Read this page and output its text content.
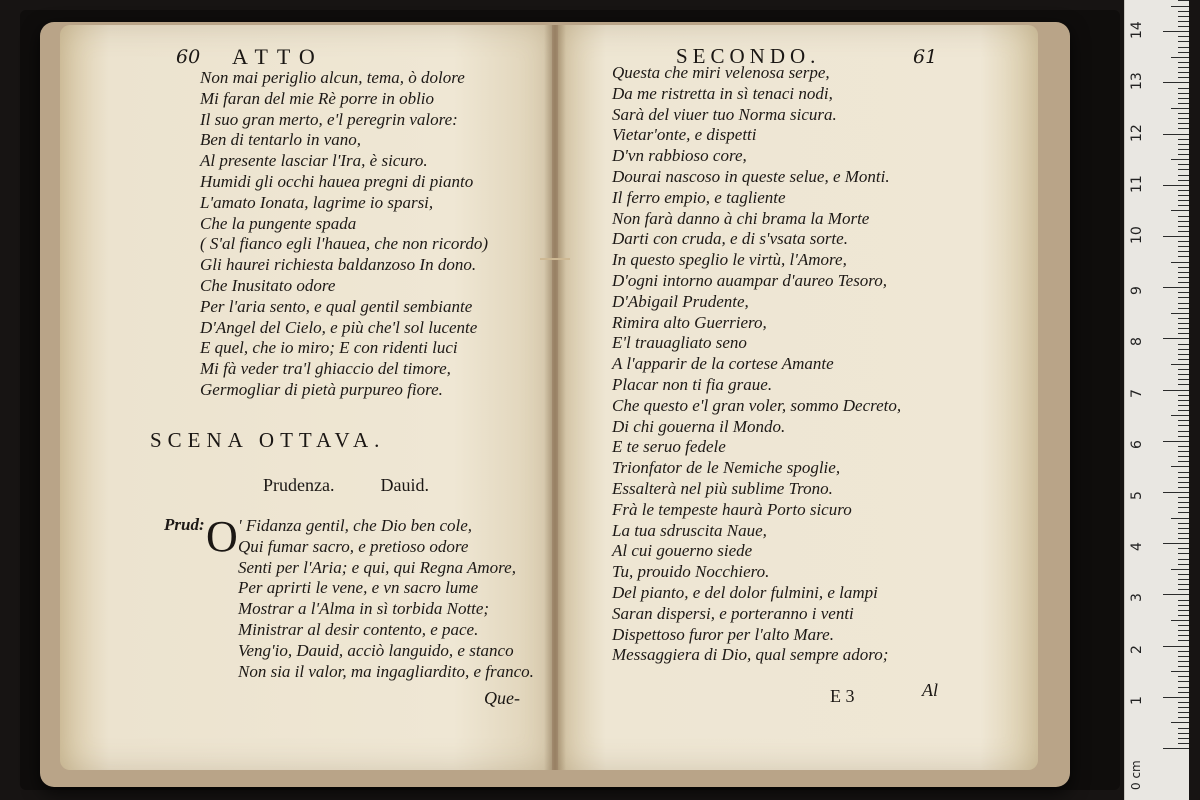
60 ATTO
Non mai periglio alcun, tema, ò dolore
Mi faran del mie Rè porre in oblio
Il suo gran merto, e'l peregrin valore:
Ben di tentarlo in vano,
Al presente lasciar l'Ira, è sicuro.
Humidi gli occhi hauea pregni di pianto
L'amato Ionata, lagrime io sparsi,
Che la pungente spada
( S'al fianco egli l'hauea, che non ricordo)
Gli haurei richiesta baldanzoso In dono.
Che Inusitato odore
Per l'aria sento, e qual gentil sembiante
D'Angel del Cielo, e più che'l sol lucente
E quel, che io miro; E con ridenti luci
Mi fà veder tra'l ghiaccio del timore,
Germogliar di pietà purpureo fiore.
SCENA OTTAVA.
Prudenza.	Dauid.
Prud: O ' Fidanza gentil, che Dio ben cole,
Qui fumar sacro, e pretioso odore
Senti per l'Aria; e qui, qui Regna Amore,
Per aprirti le vene, e vn sacro lume
Mostrar a l'Alma in sì torbida Notte;
Ministrar al desir contento, e pace.
Veng'io, Dauid, acciò languido, e stanco
Non sia il valor, ma ingagliardito, e franco.
Que-
SECONDO.	61
Questa che miri velenosa serpe,
Da me ristretta in sì tenaci nodi,
Sarà del viuer tuo Norma sicura.
Vietar'onte, e dispetti
D'vn rabbioso core,
Dourai nascoso in queste selue, e Monti.
Il ferro empio, e tagliente
Non farà danno à chi brama la Morte
Darti con cruda, e di s'vsata sorte.
In questo speglio le virtù, l'Amore,
D'ogni intorno auampar d'aureo Tesoro,
D'Abigail Prudente,
Rimira alto Guerriero,
E'l trauagliato seno
A l'apparir de la cortese Amante
Placar non ti fia graue.
Che questo e'l gran voler, sommo Decreto,
Di chi gouerna il Mondo.
E te seruo fedele
Trionfator de le Nemiche spoglie,
Essalterà nel più sublime Trono.
Frà le tempeste haurà Porto sicuro
La tua sdruscita Naue,
Al cui gouerno siede
Tu, prouido Nocchiero.
Del pianto, e del dolor fulmini, e lampi
Saran dispersi, e porteranno i venti
Dispettoso furor per l'alto Mare.
Messaggiera di Dio, qual sempre adoro;
E 3	Al
0 cm
1
2
3
4
5
6
7
8
9
10
11
12
13
14
